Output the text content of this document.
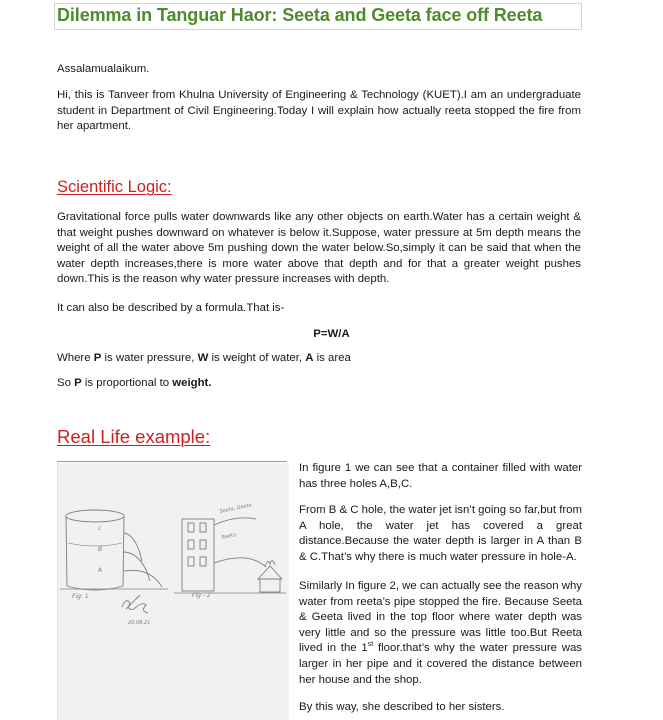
Dilemma in Tanguar Haor: Seeta and Geeta face off Reeta

Assalamualaikum.

Hi, this is Tanveer from Khulna University of Engineering & Technology (KUET).I am an undergraduate student in Department of Civil Engineering.Today I will explain how actually reeta stopped the fire from her apartment.

Scientific Logic:

Gravitational force pulls water downwards like any other objects on earth.Water has a certain weight & that weight pushes downward on whatever is below it.Suppose, water pressure at 5m depth means the weight of all the water above 5m pushing down the water below.So,simply it can be said that when the water depth increases,there is more water above that depth and for that a greater weight pushes down.This is the reason why water pressure increases with depth.

It can also be described by a formula.That is-

P=W/A

Where P is water pressure, W is weight of water, A is area

So P is proportional to weight.

Real Life example:
c
B
A
Fig: 1	Fig - 2
Seeta, Geeta
Reeta
20.08.21

In figure 1 we can see that a container filled with water has three holes A,B,C.

From B & C hole, the water jet isn’t going so far,but from A hole, the water jet has covered a great distance.Because the water depth is larger in A than B & C.That’s why there is much water pressure in hole-A.

Similarly In figure 2, we can actually see the reason why water from reeta’s pipe stopped the fire. Because Seeta & Geeta lived in the top floor where water depth was very little and so the pressure was little too.But Reeta lived in the 1st floor.that’s why the water pressure was larger in her pipe and it covered the distance between her house and the shop.

By this way, she described to her sisters.
